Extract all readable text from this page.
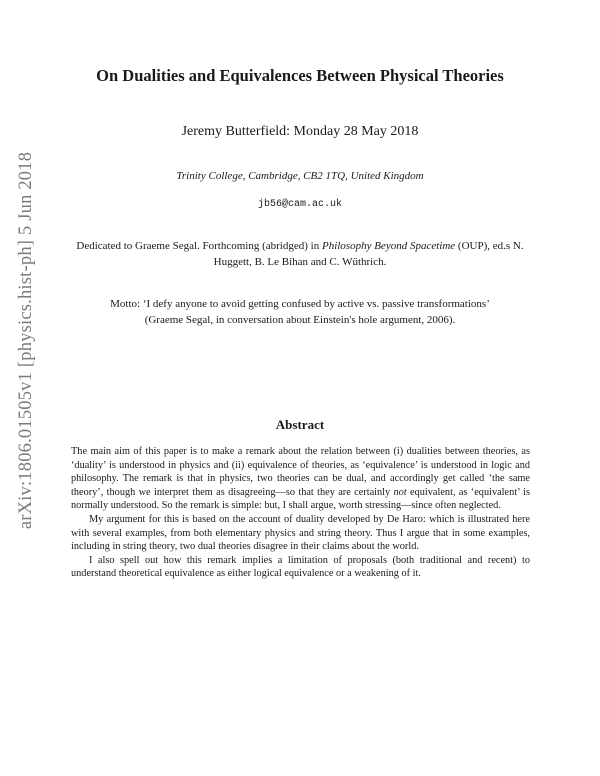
arXiv:1806.01505v1 [physics.hist-ph] 5 Jun 2018
On Dualities and Equivalences Between Physical Theories
Jeremy Butterfield: Monday 28 May 2018
Trinity College, Cambridge, CB2 1TQ, United Kingdom
jb56@cam.ac.uk
Dedicated to Graeme Segal. Forthcoming (abridged) in Philosophy Beyond Spacetime (OUP), ed.s N. Huggett, B. Le Bihan and C. Wüthrich.
Motto: ‘I defy anyone to avoid getting confused by active vs. passive transformations’
(Graeme Segal, in conversation about Einstein's hole argument, 2006).
Abstract

The main aim of this paper is to make a remark about the relation between (i) dualities between theories, as ‘duality’ is understood in physics and (ii) equivalence of theories, as ‘equivalence’ is understood in logic and philosophy. The remark is that in physics, two theories can be dual, and accordingly get called ‘the same theory’, though we interpret them as disagreeing—so that they are certainly not equivalent, as ‘equivalent’ is normally understood. So the remark is simple: but, I shall argue, worth stressing—since often neglected.

My argument for this is based on the account of duality developed by De Haro: which is illustrated here with several examples, from both elementary physics and string theory. Thus I argue that in some examples, including in string theory, two dual theories disagree in their claims about the world.

I also spell out how this remark implies a limitation of proposals (both traditional and recent) to understand theoretical equivalence as either logical equivalence or a weakening of it.
